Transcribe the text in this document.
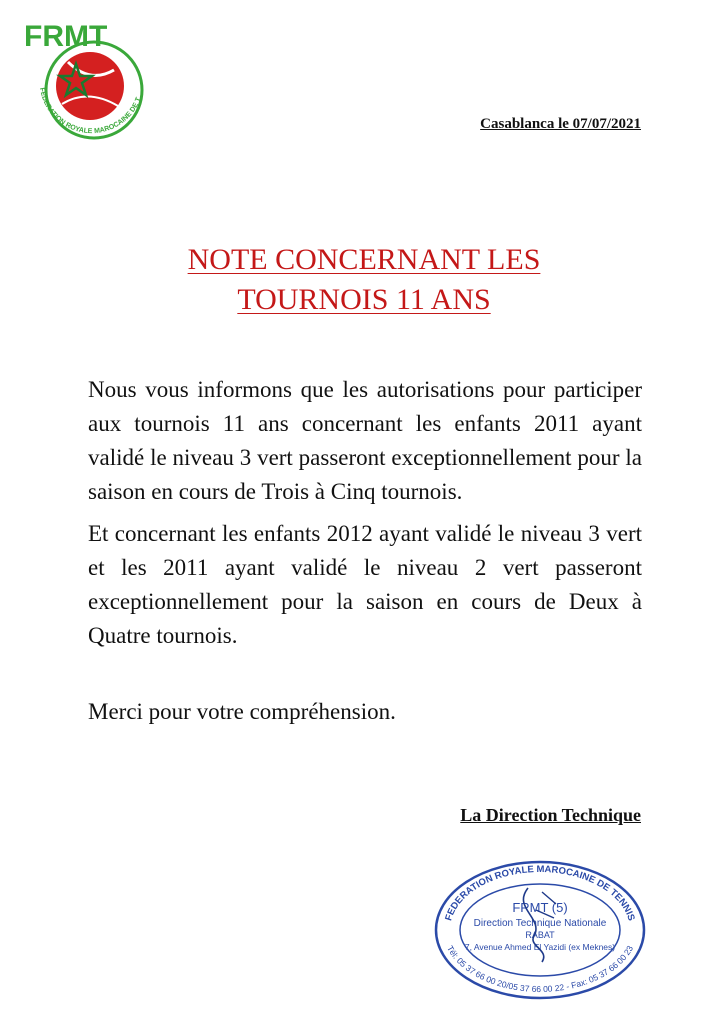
FRMT
FEDERATION ROYALE MAROCAINE DE T
Casablanca le 07/07/2021
NOTE CONCERNANT LES
TOURNOIS 11 ANS

Nous vous informons que les autorisations pour participer aux tournois 11 ans concernant les enfants 2011 ayant validé le niveau 3 vert passeront exceptionnellement pour la saison en cours de Trois à Cinq tournois.

Et concernant les enfants 2012 ayant validé le niveau 3 vert et les 2011 ayant validé le niveau 2 vert passeront exceptionnellement pour la saison en cours de Deux à Quatre tournois.

Merci pour votre compréhension.

La Direction Technique
FEDERATION ROYALE MAROCAINE DE TENNIS
Tél: 05 37 66 00 20/05 37 66 00 22 - Fax: 05 37 66 00 23
FRMT (5)
Direction Technique Nationale
RABAT
7, Avenue Ahmed El Yazidi (ex Meknes)
